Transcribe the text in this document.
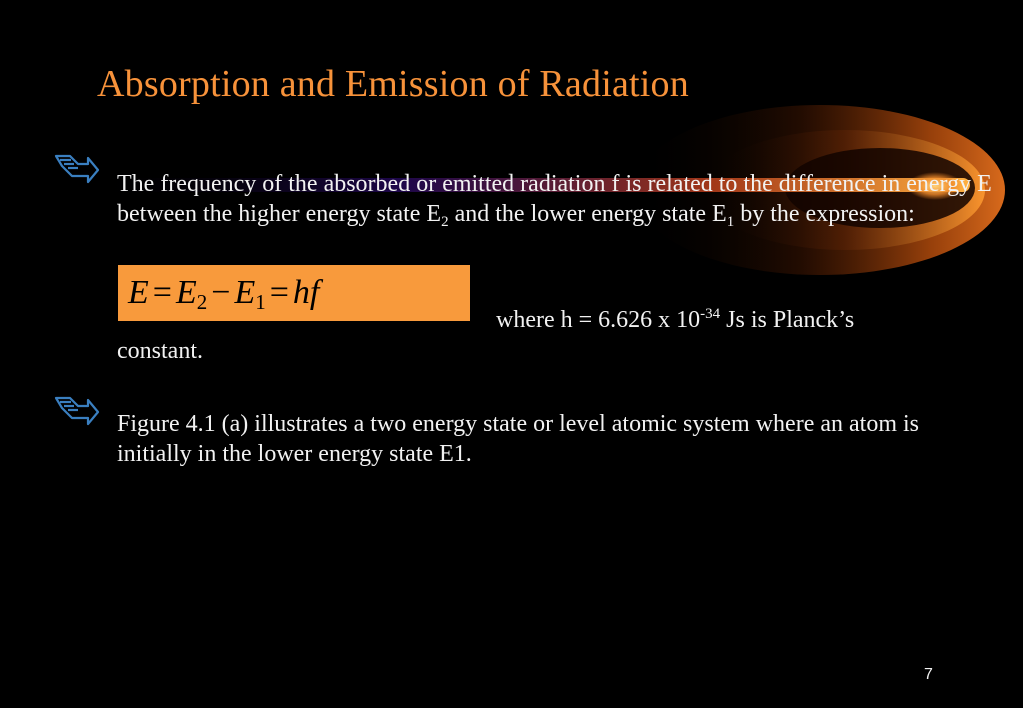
Absorption and Emission of Radiation
The frequency of the absorbed or emitted radiation f is related to the difference in energy E between the higher energy state $E_2$ and the lower energy state $E_1$ by the expression:
E = E2 − E1 = hf
where h = 6.626 x $10^{-34}$ Js is Planck’s
constant.
Figure 4.1 (a) illustrates a two energy state or level atomic system where an atom is initially in the lower energy state E1.
7
